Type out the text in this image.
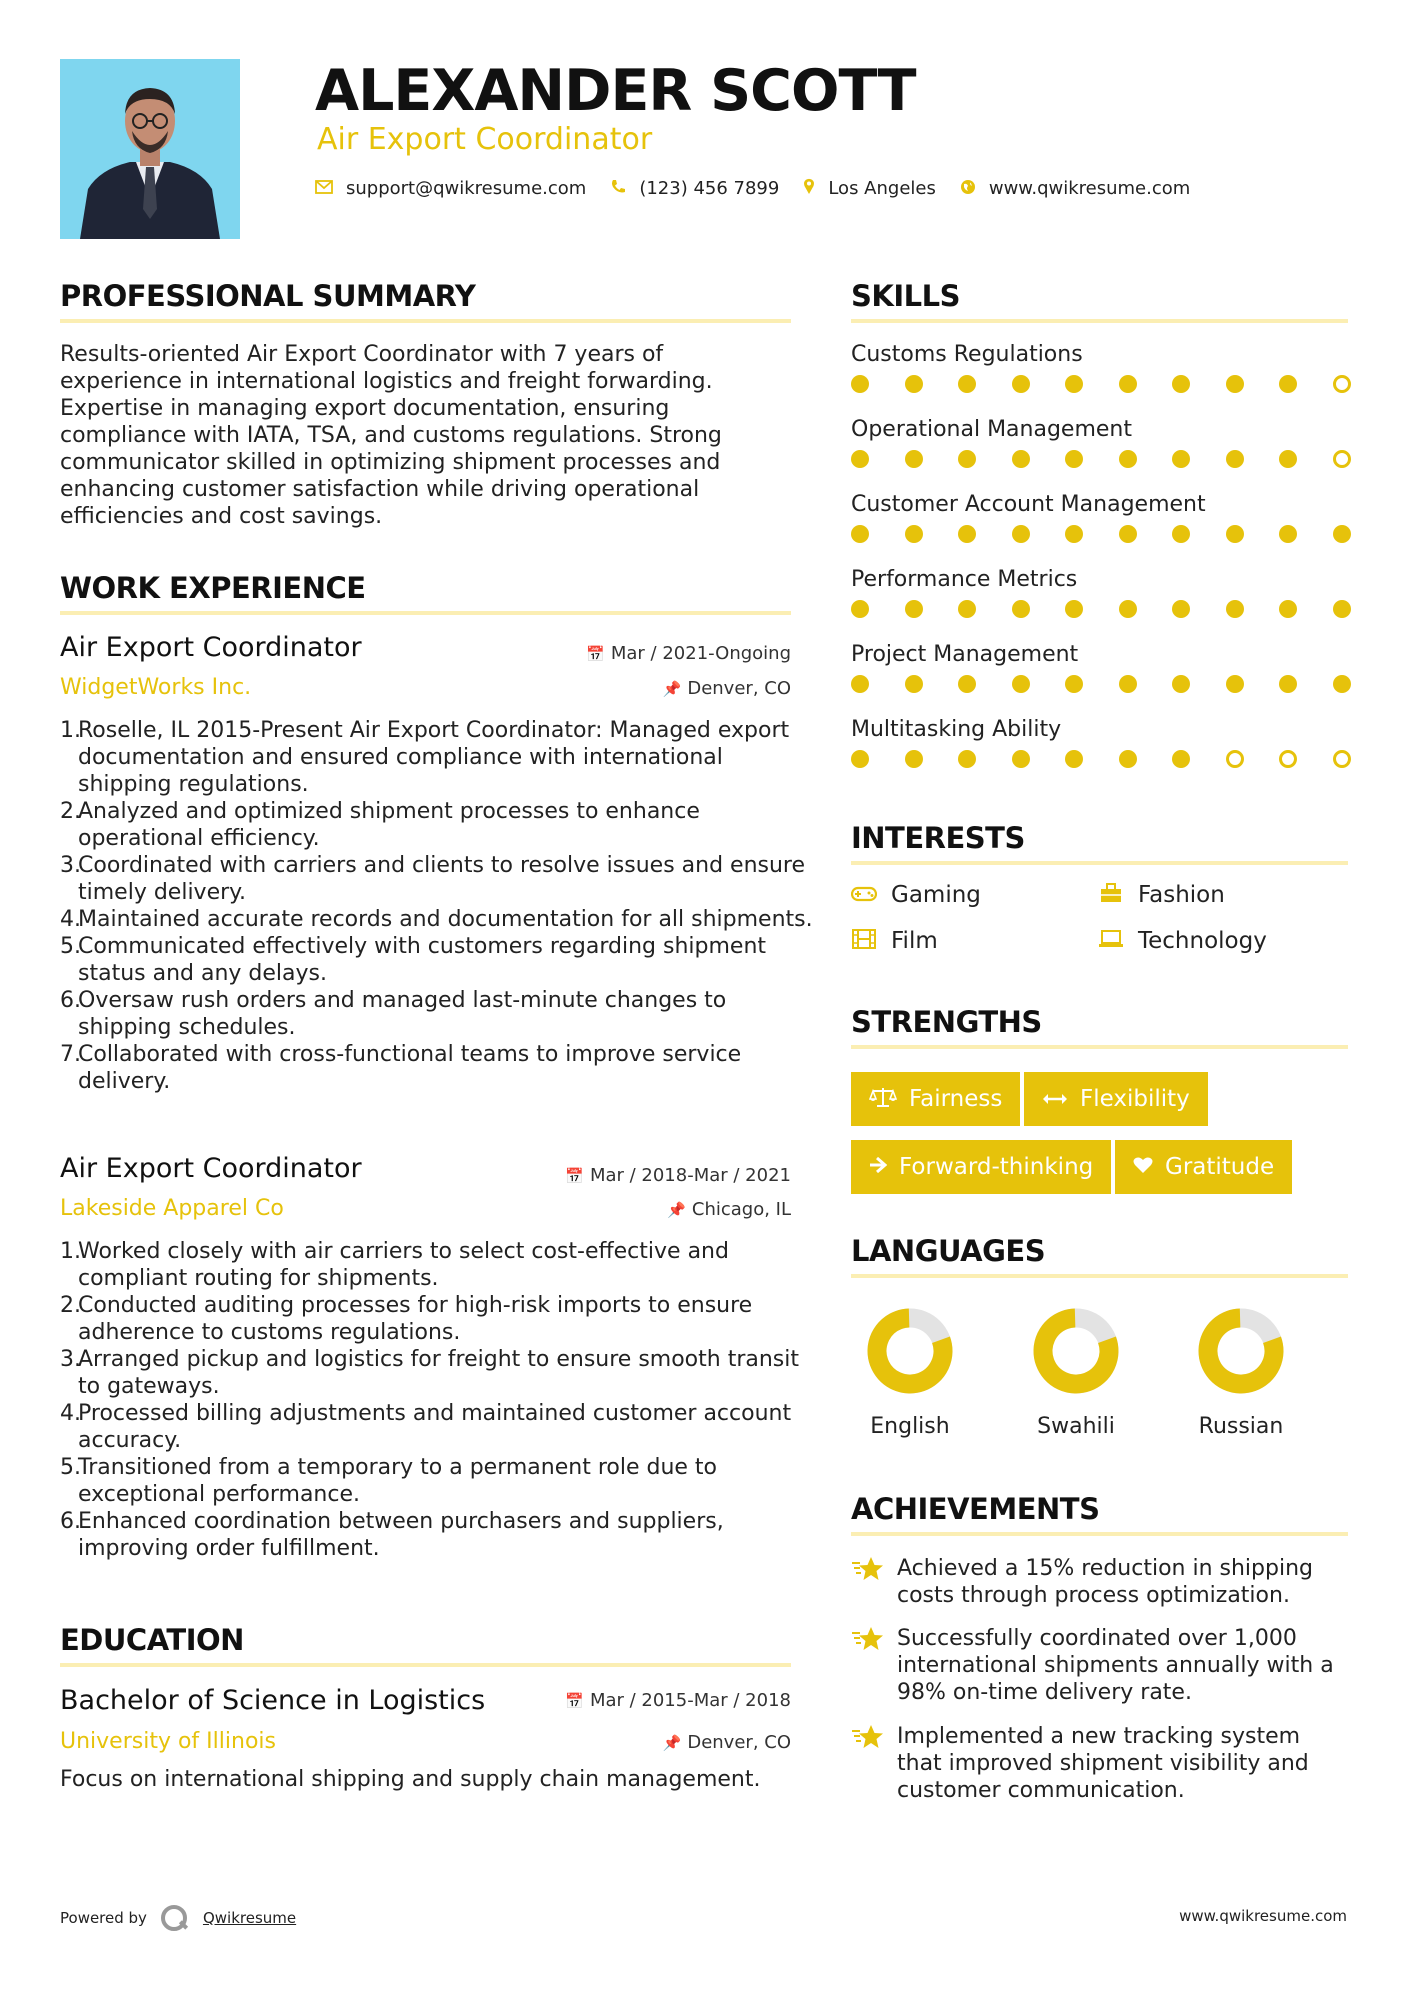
ALEXANDER SCOTT
Air Export Coordinator
support@qwikresume.com	(123) 456 7899	Los Angeles	www.qwikresume.com
PROFESSIONAL SUMMARY
Results-oriented Air Export Coordinator with 7 years of experience in international logistics and freight forwarding. Expertise in managing export documentation, ensuring compliance with IATA, TSA, and customs regulations. Strong communicator skilled in optimizing shipment processes and enhancing customer satisfaction while driving operational efficiencies and cost savings.
WORK EXPERIENCE
Air Export Coordinator	📅 Mar / 2021-Ongoing
WidgetWorks Inc.	📌 Denver, CO
Roselle, IL 2015-Present Air Export Coordinator: Managed export documentation and ensured compliance with international shipping regulations.
Analyzed and optimized shipment processes to enhance operational efficiency.
Coordinated with carriers and clients to resolve issues and ensure timely delivery.
Maintained accurate records and documentation for all shipments.
Communicated effectively with customers regarding shipment status and any delays.
Oversaw rush orders and managed last-minute changes to shipping schedules.
Collaborated with cross-functional teams to improve service delivery.
Air Export Coordinator	📅 Mar / 2018-Mar / 2021
Lakeside Apparel Co	📌 Chicago, IL
Worked closely with air carriers to select cost-effective and compliant routing for shipments.
Conducted auditing processes for high-risk imports to ensure adherence to customs regulations.
Arranged pickup and logistics for freight to ensure smooth transit to gateways.
Processed billing adjustments and maintained customer account accuracy.
Transitioned from a temporary to a permanent role due to exceptional performance.
Enhanced coordination between purchasers and suppliers, improving order fulfillment.
EDUCATION
Bachelor of Science in Logistics	📅 Mar / 2015-Mar / 2018
University of Illinois	📌 Denver, CO
Focus on international shipping and supply chain management.
SKILLS
Customs Regulations
Operational Management
Customer Account Management
Performance Metrics
Project Management
Multitasking Ability
INTERESTS
Gaming	Fashion
Film	Technology
STRENGTHS
Fairness	Flexibility
Forward-thinking	Gratitude
LANGUAGES
English	Swahili	Russian
ACHIEVEMENTS
Achieved a 15% reduction in shipping costs through process optimization.
Successfully coordinated over 1,000 international shipments annually with a 98% on-time delivery rate.
Implemented a new tracking system that improved shipment visibility and customer communication.
Powered by	Qwikresume	www.qwikresume.com
